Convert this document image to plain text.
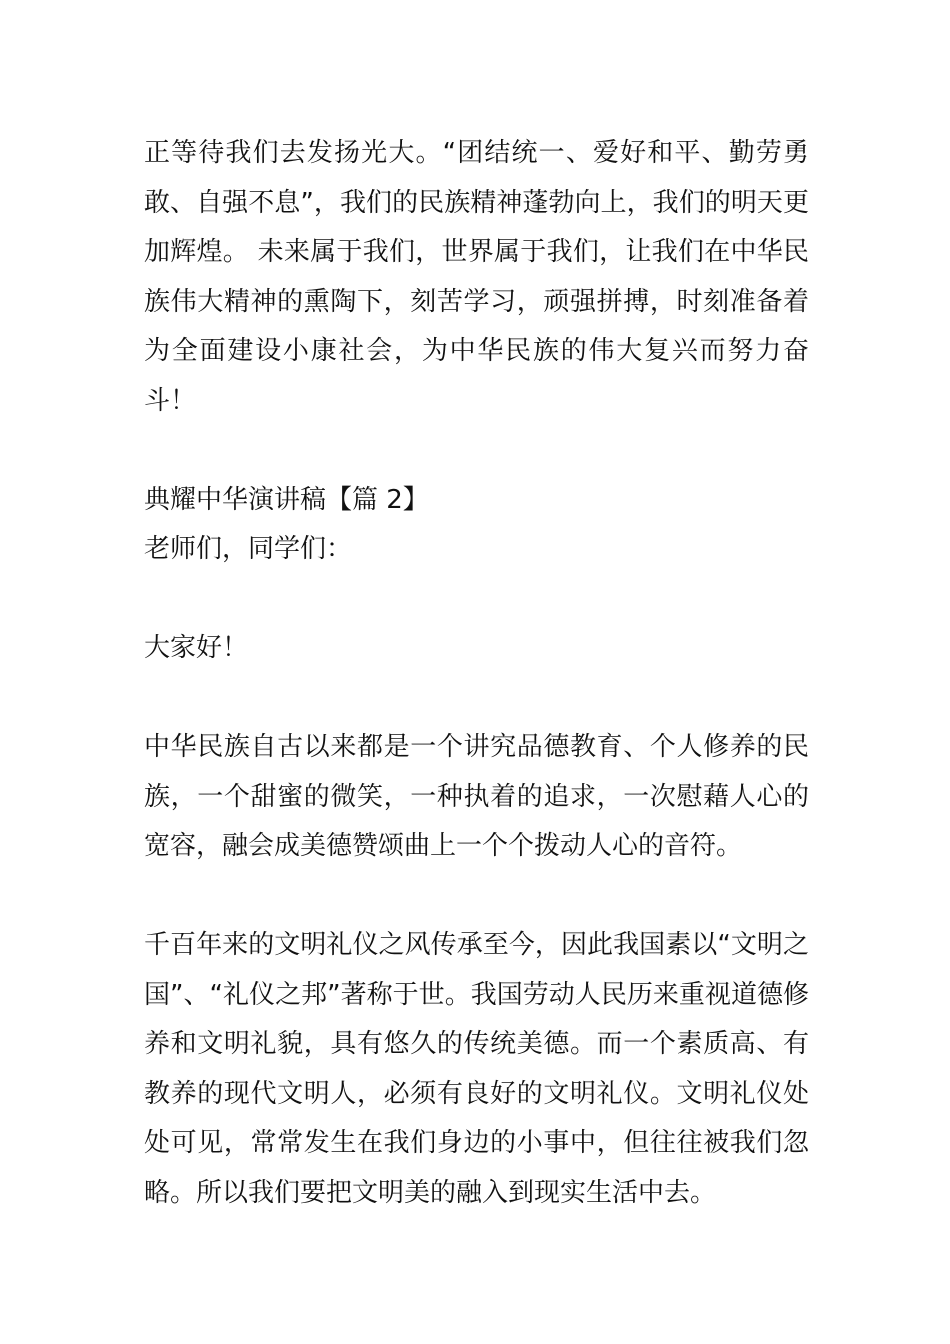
正等待我们去发扬光大。“团结统一、爱好和平、勤劳勇敢、自强不息”，我们的民族精神蓬勃向上，我们的明天更加辉煌。 未来属于我们，世界属于我们，让我们在中华民族伟大精神的熏陶下，刻苦学习，顽强拼搏，时刻准备着为全面建设小康社会，为中华民族的伟大复兴而努力奋斗！

典耀中华演讲稿【篇 2】

老师们，同学们：

大家好！

中华民族自古以来都是一个讲究品德教育、个人修养的民族，一个甜蜜的微笑，一种执着的追求，一次慰藉人心的宽容，融会成美德赞颂曲上一个个拨动人心的音符。

千百年来的文明礼仪之风传承至今，因此我国素以“文明之国”、“礼仪之邦”著称于世。我国劳动人民历来重视道德修养和文明礼貌，具有悠久的传统美德。而一个素质高、有教养的现代文明人，必须有良好的文明礼仪。文明礼仪处处可见，常常发生在我们身边的小事中，但往往被我们忽略。所以我们要把文明美的融入到现实生活中去。
